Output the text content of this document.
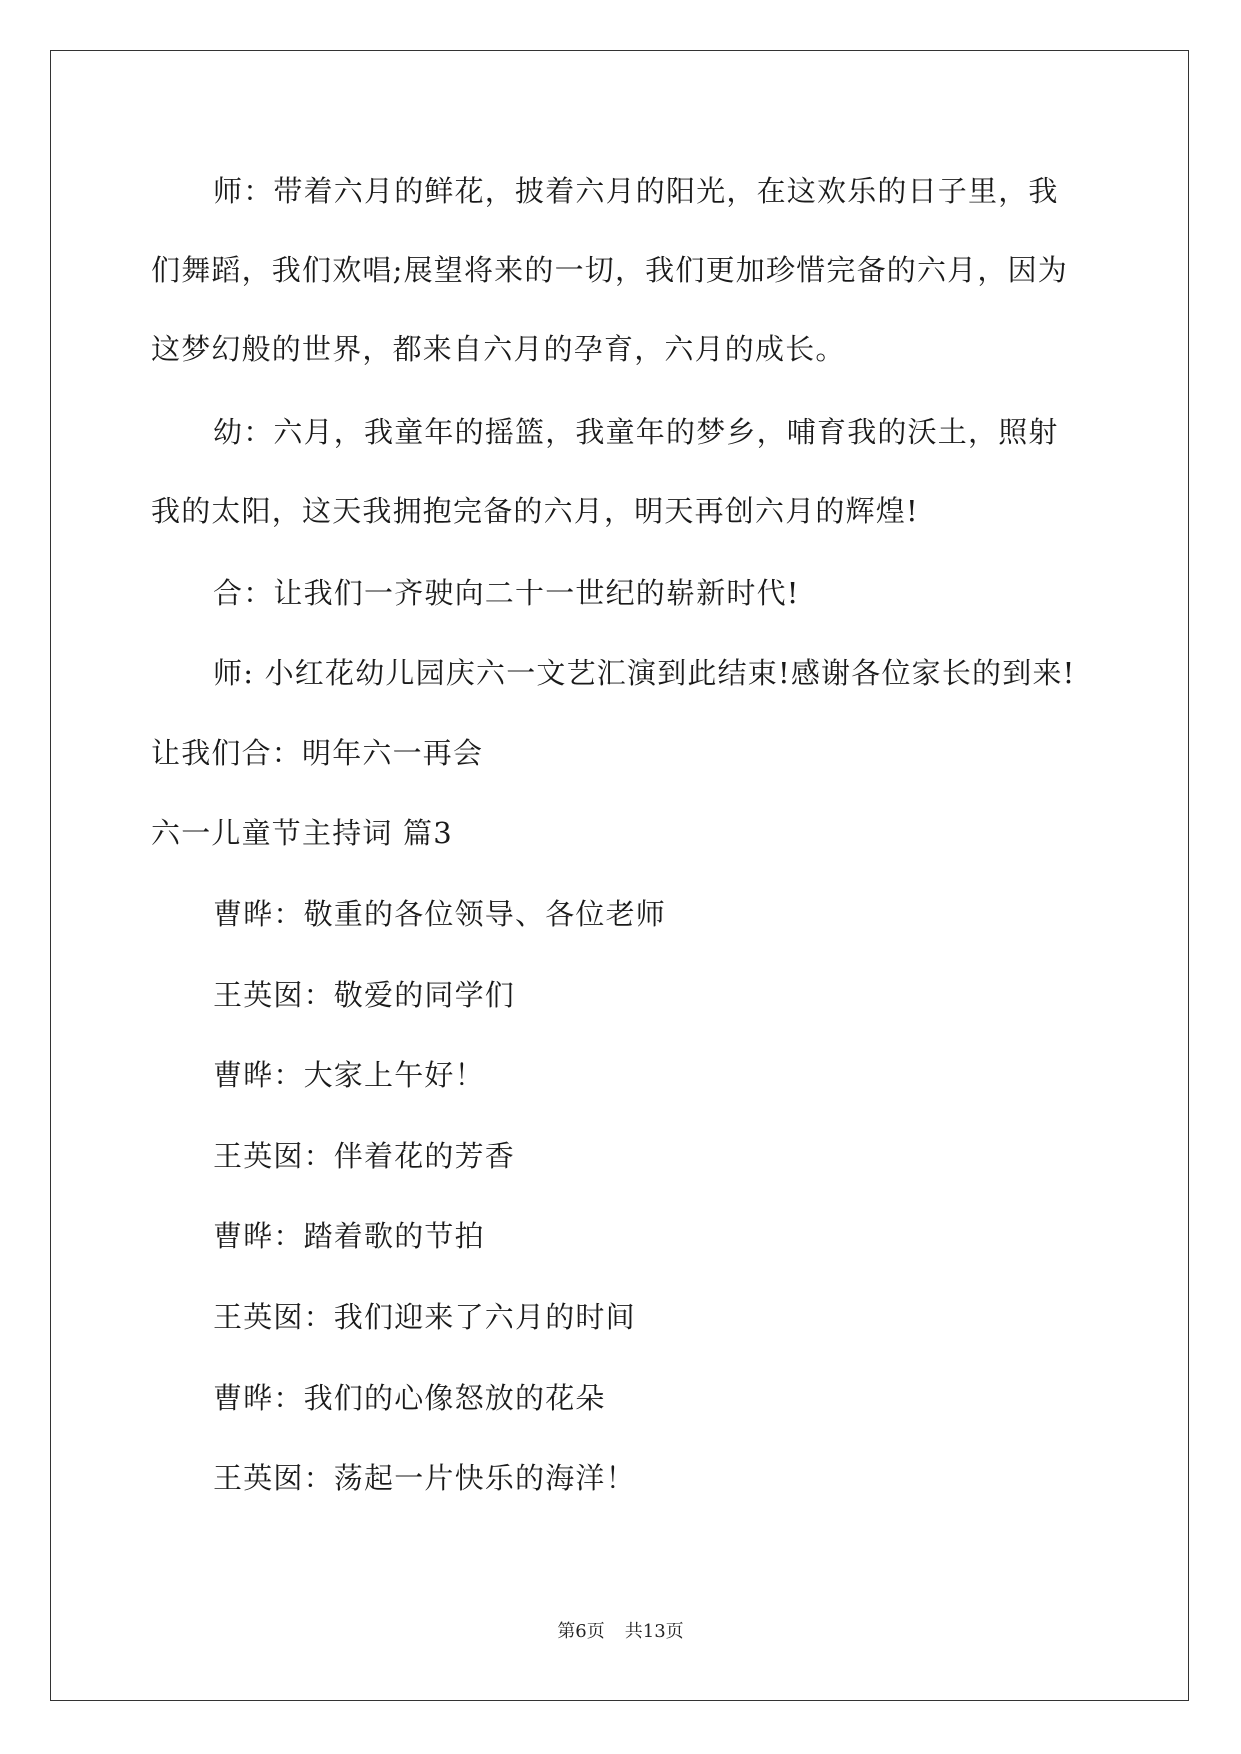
师：带着六月的鲜花，披着六月的阳光，在这欢乐的日子里，我
们舞蹈，我们欢唱;展望将来的一切，我们更加珍惜完备的六月，因为
这梦幻般的世界，都来自六月的孕育，六月的成长。
幼：六月，我童年的摇篮，我童年的梦乡，哺育我的沃土，照射
我的太阳，这天我拥抱完备的六月，明天再创六月的辉煌!
合：让我们一齐驶向二十一世纪的崭新时代!
师: 小红花幼儿园庆六一文艺汇演到此结束!感谢各位家长的到来!
让我们合：明年六一再会
六一儿童节主持词 篇3
曹晔：敬重的各位领导、各位老师
王英囡：敬爱的同学们
曹晔：大家上午好！
王英囡：伴着花的芳香
曹晔：踏着歌的节拍
王英囡：我们迎来了六月的时间
曹晔：我们的心像怒放的花朵
王英囡：荡起一片快乐的海洋！
第6页 共13页
